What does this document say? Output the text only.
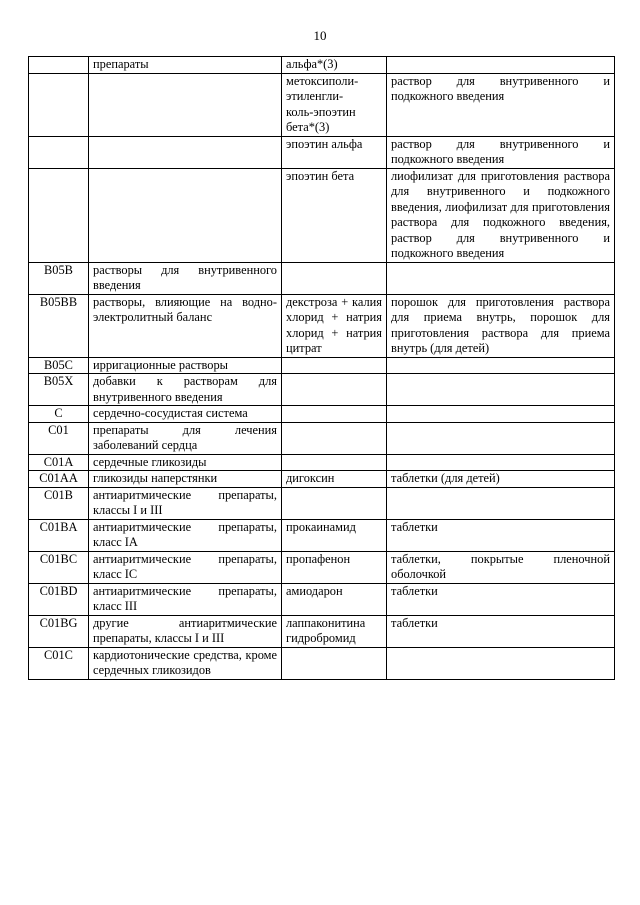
10
	препараты	альфа*(3)	
		метоксиполи-
этиленгли-
коль-эпоэтин
бета*(3)	раствор для внутривенного и подкожного введения
		эпоэтин альфа	раствор для внутривенного и подкожного введения
		эпоэтин бета	лиофилизат для приготовления раствора для внутривенного и подкожного введения, лиофилизат для приготовления раствора для подкожного введения, раствор для внутривенного и подкожного введения
B05B	растворы для внутривенного введения		
B05BB	растворы, влияющие на водно-электролитный баланс	декстроза + калия хлорид + натрия хлорид + натрия цитрат	порошок для приготовления раствора для приема внутрь, порошок для приготовления раствора для приема внутрь (для детей)
B05C	ирригационные растворы		
B05X	добавки к растворам для внутривенного введения		
C	сердечно-сосудистая система		
C01	препараты для лечения заболеваний сердца		
C01A	сердечные гликозиды		
C01AA	гликозиды наперстянки	дигоксин	таблетки (для детей)
C01B	антиаритмические препараты, классы I и III		
C01BA	антиаритмические препараты, класс IA	прокаинамид	таблетки
C01BC	антиаритмические препараты, класс IC	пропафенон	таблетки, покрытые пленочной оболочкой
C01BD	антиаритмические препараты, класс III	амиодарон	таблетки
C01BG	другие антиаритмические препараты, классы I и III	лаппаконитина гидробромид	таблетки
C01C	кардиотонические средства, кроме сердечных гликозидов		
